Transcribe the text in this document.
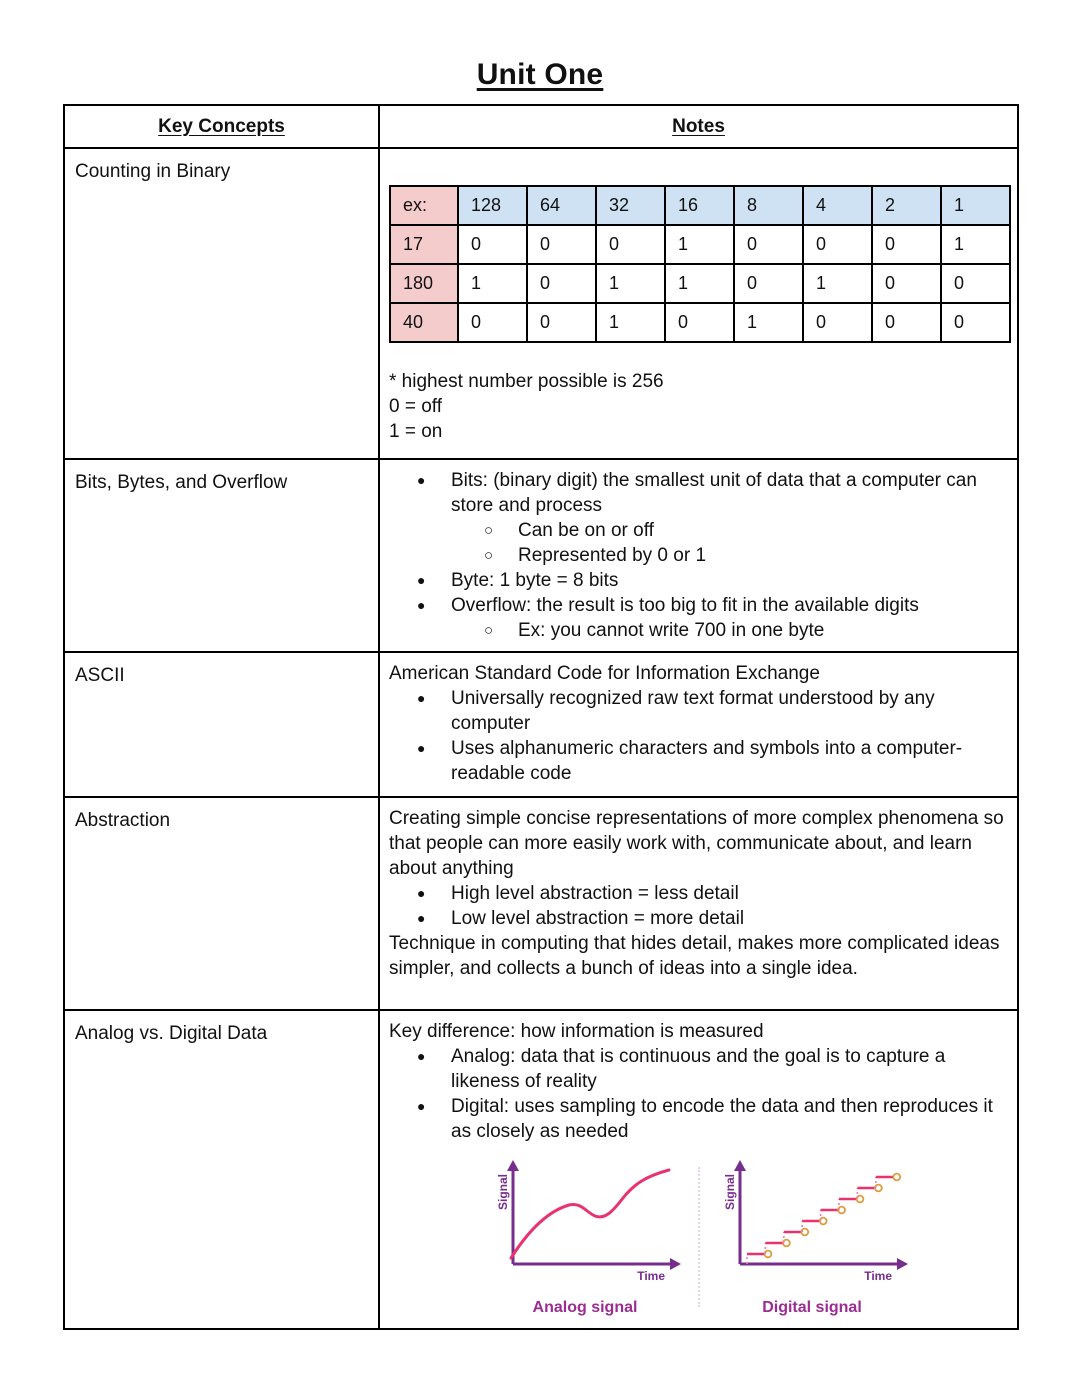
Unit One
Key Concepts	Notes
Counting in Binary	
ex:	128	64	32	16	8	4	2	1
17	0	0	0	1	0	0	0	1
180	1	0	1	1	0	1	0	0
40	0	0	1	0	1	0	0	0
* highest number possible is 256
0 = off
1 = on

Bits, Bytes, and Overflow	● Bits: (binary digit) the smallest unit of data that a computer can store and process
○ Can be on or off
○ Represented by 0 or 1
● Byte: 1 byte = 8 bits
● Overflow: the result is too big to fit in the available digits
○ Ex: you cannot write 700 in one byte

ASCII	American Standard Code for Information Exchange
● Universally recognized raw text format understood by any computer
● Uses alphanumeric characters and symbols into a computer-readable code

Abstraction	Creating simple concise representations of more complex phenomena so that people can more easily work with, communicate about, and learn about anything
● High level abstraction = less detail
● Low level abstraction = more detail
Technique in computing that hides detail, makes more complicated ideas simpler, and collects a bunch of ideas into a single idea.

Analog vs. Digital Data	Key difference: how information is measured
● Analog: data that is continuous and the goal is to capture a likeness of reality
● Digital: uses sampling to encode the data and then reproduces it as closely as needed
Signal
Time
Analog signal
Signal
Time
Digital signal
